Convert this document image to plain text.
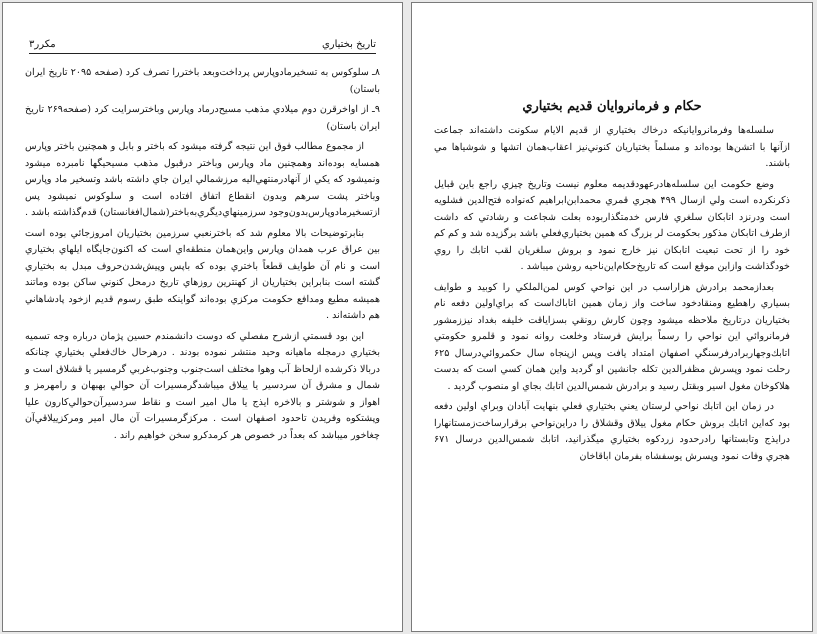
۳مكرر	تاريخ بختياري

۸ـ سلوكوس به تسخيرمادوپارس پرداخت‌وبعد باختررا تصرف كرد (صفحه ۲۰۹۵ تاريخ ايران باستان)

۹ـ از اواخرقرن دوم ميلادي مذهب مسيح‌درماد وپارس وباخترسرايت كرد (صفحه۲۶۹ تاريخ ايران باستان)

از مجموع مطالب فوق اين نتيجه گرفته ميشود كه باختر و بابل و همچنين باختر وپارس همسايه بوده‌اند وهمچنين ماد وپارس وباختر درقبول مذهب مسيحيگها نامبرده ميشود ونميشود كه يكي از آنهادرمنتهي‌اليه مرزشمالي ايران جاي داشته باشد وتسخير ماد وپارس وباختر پشت سرهم وبدون انقطاع اتفاق افتاده است و سلوكوس نميشود پس ازتسخيرمادوپارس‌بدون‌وجود سرزمينهاي‌ديگري‌به‌باختر(شمال‌افغانستان) قدم‌گذاشته باشد .

بنابرتوضيحات بالا معلوم شد كه باخترنعبي سرزمين بختياريان امروزجائي بوده است بين عراق عرب همدان وپارس واين‌همان منطقه‌اي است كه اكنون‌جايگاه ايلهاي بختياري است و نام آن طوايف قطعاً باختري بوده كه باپس وپيش‌شدن‌حروف مبدل به بختياري گشته است بنابراين بختياريان از كهنترين روزهاي تاريخ درمحل كنوني ساكن بوده وماتند هميشه مطيع ومدافع حكومت مركزي بوده‌اند گواينكه طبق رسوم قديم ازخود پادشاهاني هم داشته‌اند .

اين بود قسمتي ازشرح مفصلي كه دوست دانشمندم حسين پژمان درباره وجه تسميه بختياري درمجله ماهيانه وحيد منتشر نموده بودند . درهرحال خاك‌فعلي بختياري چنانكه دربالا ذكرشده ازلحاظ آب وهوا مختلف است‌جنوب وجنوب‌غربي گرمسير يا قشلاق است و شمال و مشرق آن سردسير يا ييلاق ميباشدگرمسيرات آن حوالي بهبهان و رامهرمز و اهواز و شوشتر و بالاخره ايذج يا مال امير است و نقاط سردسيرآن‌حوالي‌كارون عليا وپشتكوه وفريدن تاحدود اصفهان است . مركزگرمسيرات آن مال امير ومركزييلاقي‌آن چغاخور ميباشد كه بعداً در خصوص هر كرمدكرو سخن خواهيم راند .

حكام و فرمانروايان قديم بختياري

سلسله‌ها وفرمانروايانيكه درخاك بختياري از قديم الايام سكونت داشته‌اند جماعت ازآنها با اتشن‌ها بوده‌اند و مسلماً بختياريان كنوني‌نيز اعقاب‌همان اتشها و شوشياها مي باشند.

وضع حكومت اين سلسله‌هادرعهودقديمه معلوم نيست وتاريخ چيزي راجع باين قبايل ذكرنكرده است ولي ازسال ۴۹۹ هجري قمري محمدابن‌ابراهيم كه‌نواده فتح‌الدين فشلويه است ودرنزد اتابكان سلغري فارس خدمتگذاربوده بعلت شجاعت و رشادتي كه داشت ازطرف اتابكان مذكور بحكومت لر بزرگ كه همين بختياري‌فعلي باشد برگزيده شد و كم كم خود را از تحت تبعيت اتابكان نيز خارج نمود و بروش سلغريان لقب اتابك را روي خودگذاشت وازاين موقع است كه تاريخ‌حكام‌اين‌ناحيه روشن ميباشد .

بعدازمحمد برادرش هزاراسب در اين نواحي كوس لمن‌الملكي را كوبيد و طوايف بسياري راهطيع ومنقادخود ساخت واز زمان همين اتاباك‌است كه براي‌اولين دفعه نام بختياريان درتاريخ ملاحظه ميشود وچون كارش رونقي بسزاياقت خليفه بغداد نيززمشور فرمانروائي اين نواحي را رسماً برايش فرستاد وخلعت روانه نمود و قلمرو حكومتي اتابك‌وجهاربرادرفرسنگي اصفهان امتداد يافت وپس ازپنجاه سال حكمروائي‌درسال ۶۲۵ رحلت نمود وپسرش مظفرالدين تكله جانشين او گرديد واين همان كسي است كه بدست هلاكوخان مغول اسير وبقتل رسيد و برادرش شمس‌الدين اتابك بجاي او منصوب گرديد .

در زمان اين اتابك نواحي لرستان يعني بختياري فعلي بنهايت آبادان وبراي اولين دفعه بود كه‌اين اتابك بروش حكام مغول ييلاق وقشلاق را دراين‌نواحي برقرارساخت‌زمستانهارا درايذج وتابستانها رادرحدود زردكوه بختياري ميگذرانيد، اتابك شمس‌الدين درسال ۶۷۱ هجري وفات نمود وپسرش يوسفشاه بفرمان اباقاخان
